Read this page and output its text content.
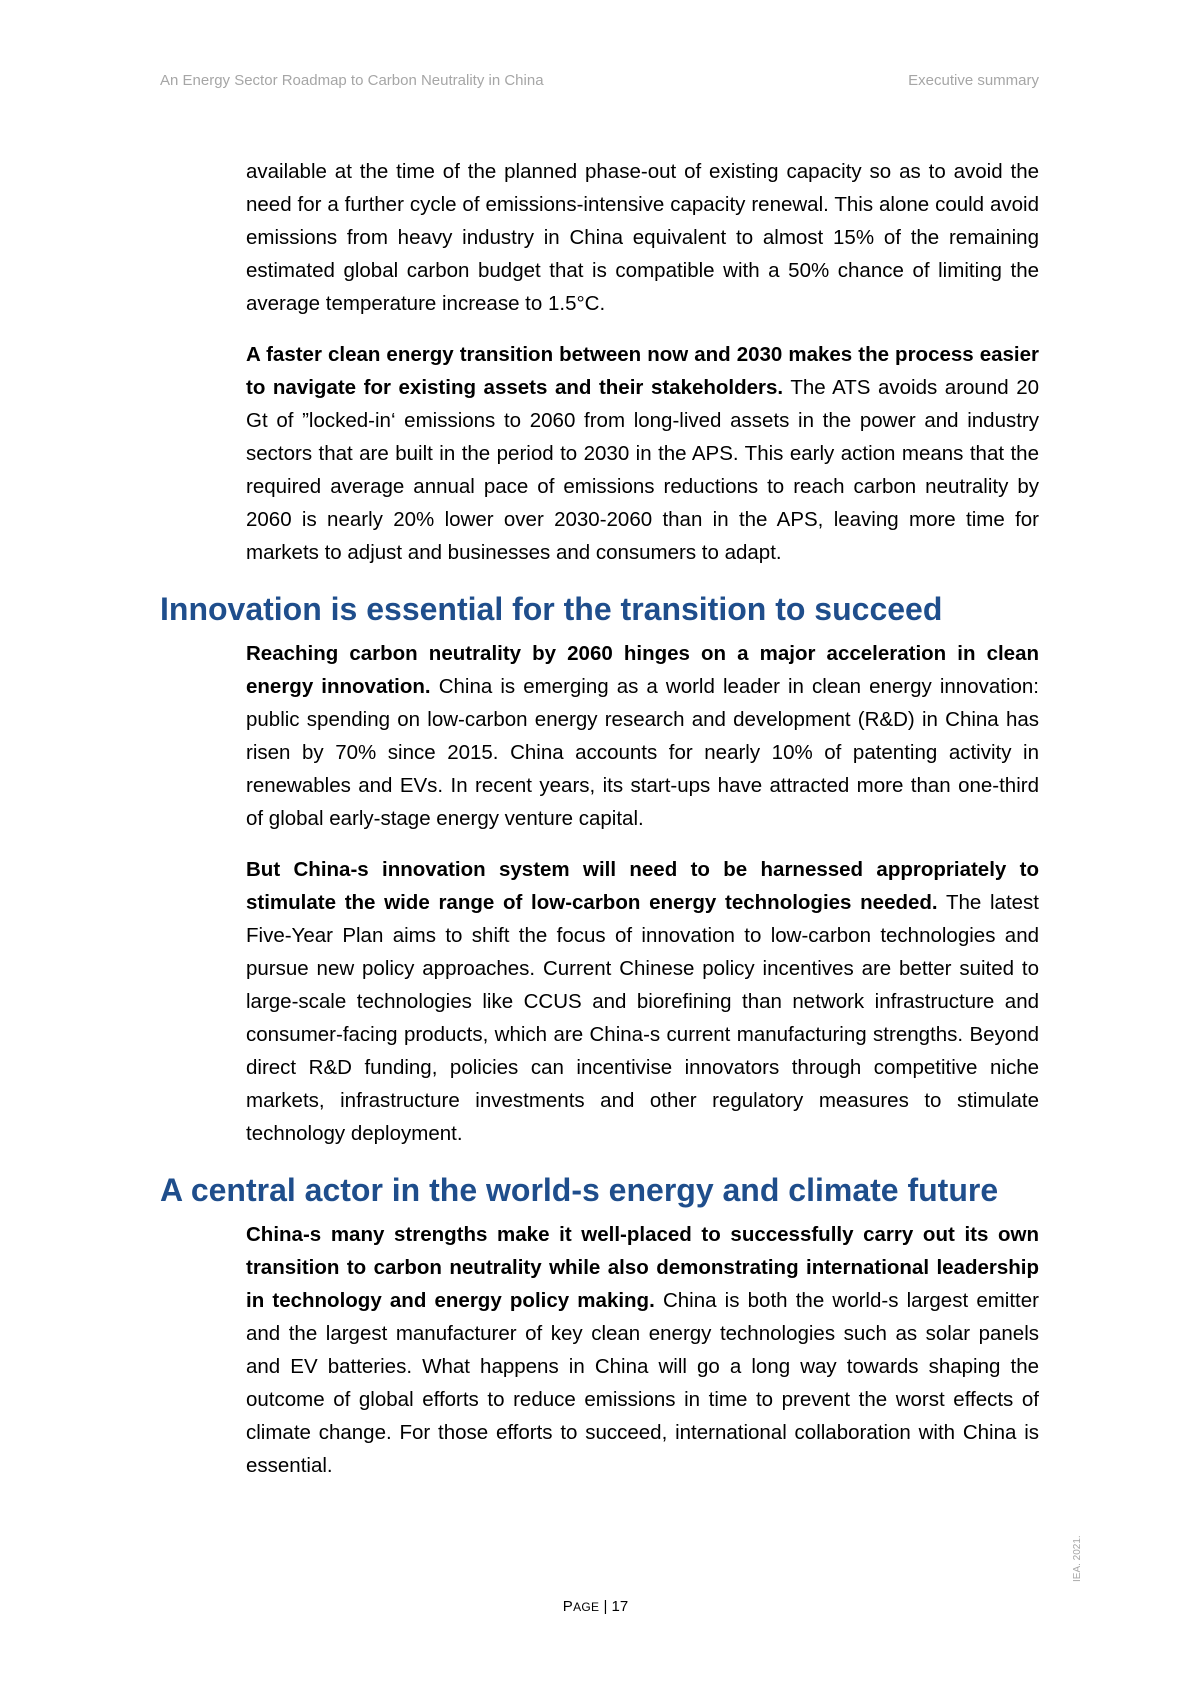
An Energy Sector Roadmap to Carbon Neutrality in China	Executive summary

available at the time of the planned phase-out of existing capacity so as to avoid the need for a further cycle of emissions-intensive capacity renewal. This alone could avoid emissions from heavy industry in China equivalent to almost 15% of the remaining estimated global carbon budget that is compatible with a 50% chance of limiting the average temperature increase to 1.5°C.

A faster clean energy transition between now and 2030 makes the process easier to navigate for existing assets and their stakeholders. The ATS avoids around 20 Gt of ”locked-in‘ emissions to 2060 from long-lived assets in the power and industry sectors that are built in the period to 2030 in the APS. This early action means that the required average annual pace of emissions reductions to reach carbon neutrality by 2060 is nearly 20% lower over 2030-2060 than in the APS, leaving more time for markets to adjust and businesses and consumers to adapt.

Innovation is essential for the transition to succeed

Reaching carbon neutrality by 2060 hinges on a major acceleration in clean energy innovation. China is emerging as a world leader in clean energy innovation: public spending on low-carbon energy research and development (R&D) in China has risen by 70% since 2015. China accounts for nearly 10% of patenting activity in renewables and EVs. In recent years, its start-ups have attracted more than one-third of global early-stage energy venture capital.

But China‑s innovation system will need to be harnessed appropriately to stimulate the wide range of low-carbon energy technologies needed. The latest Five-Year Plan aims to shift the focus of innovation to low-carbon technologies and pursue new policy approaches. Current Chinese policy incentives are better suited to large-scale technologies like CCUS and biorefining than network infrastructure and consumer-facing products, which are China‑s current manufacturing strengths. Beyond direct R&D funding, policies can incentivise innovators through competitive niche markets, infrastructure investments and other regulatory measures to stimulate technology deployment.

A central actor in the world‑s energy and climate future

China‑s many strengths make it well-placed to successfully carry out its own transition to carbon neutrality while also demonstrating international leadership in technology and energy policy making. China is both the world‑s largest emitter and the largest manufacturer of key clean energy technologies such as solar panels and EV batteries. What happens in China will go a long way towards shaping the outcome of global efforts to reduce emissions in time to prevent the worst effects of climate change. For those efforts to succeed, international collaboration with China is essential.

PAGE | 17
IEA. 2021.
